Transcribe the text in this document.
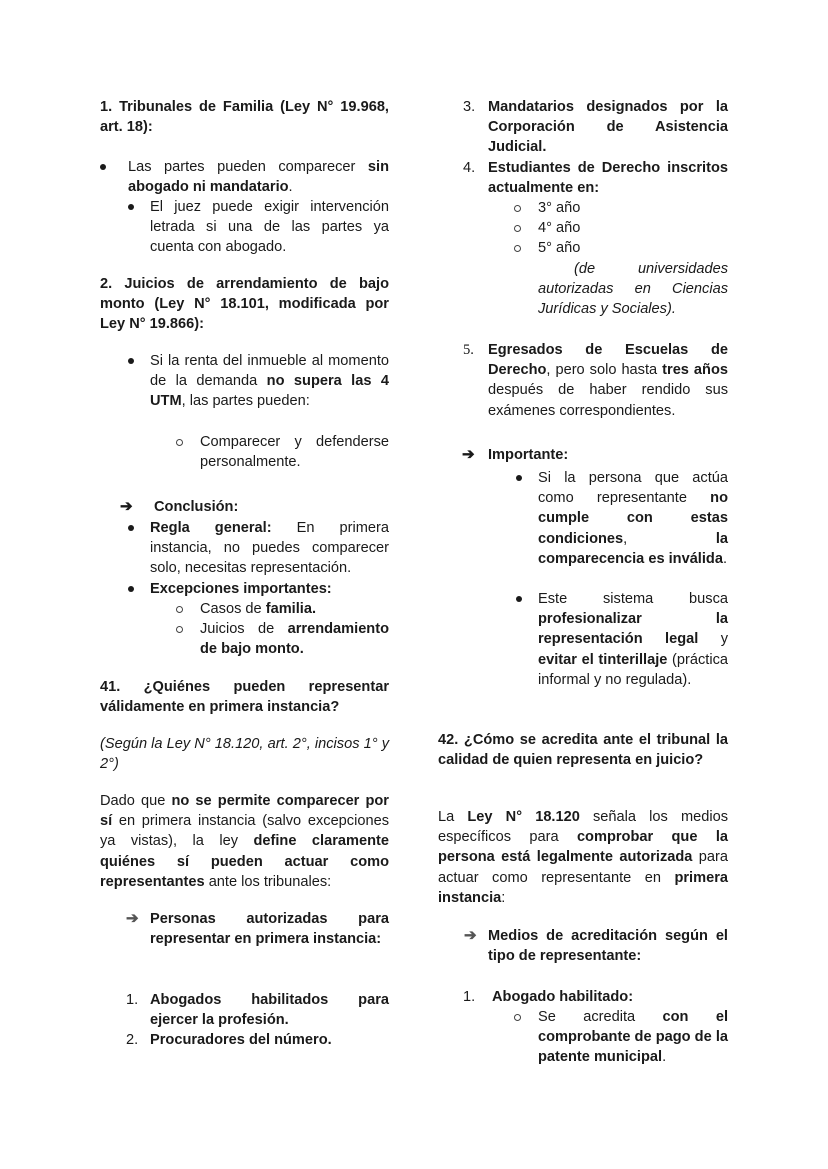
1. Tribunales de Familia (Ley N° 19.968, art. 18):
Las partes pueden comparecer sin abogado ni mandatario.
El juez puede exigir intervención letrada si una de las partes ya cuenta con abogado.
2. Juicios de arrendamiento de bajo monto (Ley N° 18.101, modificada por Ley N° 19.866):
Si la renta del inmueble al momento de la demanda no supera las 4 UTM, las partes pueden:
Comparecer y defenderse personalmente.
➔ Conclusión:
Regla general: En primera instancia, no puedes comparecer solo, necesitas representación.
Excepciones importantes:
Casos de familia.
Juicios de arrendamiento de bajo monto.
41. ¿Quiénes pueden representar válidamente en primera instancia?
(Según la Ley N° 18.120, art. 2°, incisos 1° y 2°)
Dado que no se permite comparecer por sí en primera instancia (salvo excepciones ya vistas), la ley define claramente quiénes sí pueden actuar como representantes ante los tribunales:
➔ Personas autorizadas para representar en primera instancia:
1. Abogados habilitados para ejercer la profesión.
2. Procuradores del número.
3. Mandatarios designados por la Corporación de Asistencia Judicial.
4. Estudiantes de Derecho inscritos actualmente en:
3° año
4° año
5° año
(de universidades autorizadas en Ciencias Jurídicas y Sociales).
5. Egresados de Escuelas de Derecho, pero solo hasta tres años después de haber rendido sus exámenes correspondientes.
➔ Importante:
Si la persona que actúa como representante no cumple con estas condiciones, la comparecencia es inválida.
Este sistema busca profesionalizar la representación legal y evitar el tinterillaje (práctica informal y no regulada).
42. ¿Cómo se acredita ante el tribunal la calidad de quien representa en juicio?
La Ley N° 18.120 señala los medios específicos para comprobar que la persona está legalmente autorizada para actuar como representante en primera instancia:
➔ Medios de acreditación según el tipo de representante:
1. Abogado habilitado:
Se acredita con el comprobante de pago de la patente municipal.
